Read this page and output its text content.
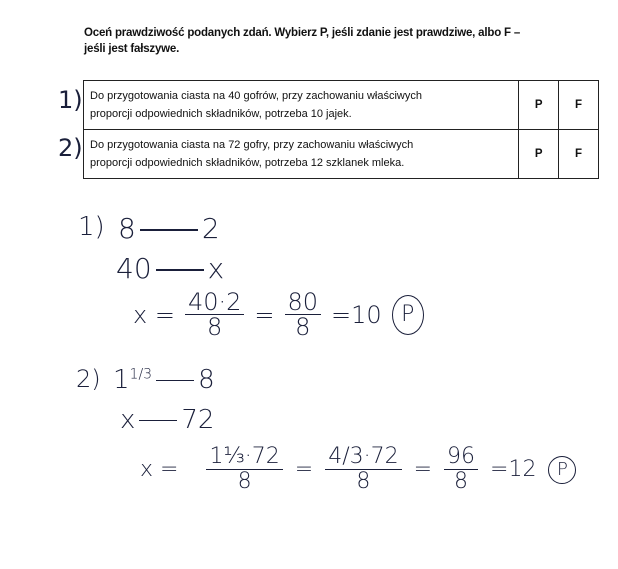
Oceń prawdziwość podanych zdań. Wybierz P, jeśli zdanie jest prawdziwe, albo F –
jeśli jest fałszywe.
1)
2)
Do przygotowania ciasta na 40 gofrów, przy zachowaniu właściwych
proporcji odpowiednich składników, potrzeba 10 jajek.	P	F

Do przygotowania ciasta na 72 gofry, przy zachowaniu właściwych
proporcji odpowiednich składników, potrzeba 12 szklanek mleka.	P	F
1) 8 2
40 x
$x = \frac{40\cdot 2}{8} = \frac{80}{8} =10$ P
2) $1^{1/3}$ 8
x 72
$x = \frac{\text{1⅓·72}}{8} = \frac{4/3\cdot 72}{8} = \frac{96}{8} =12$	P
